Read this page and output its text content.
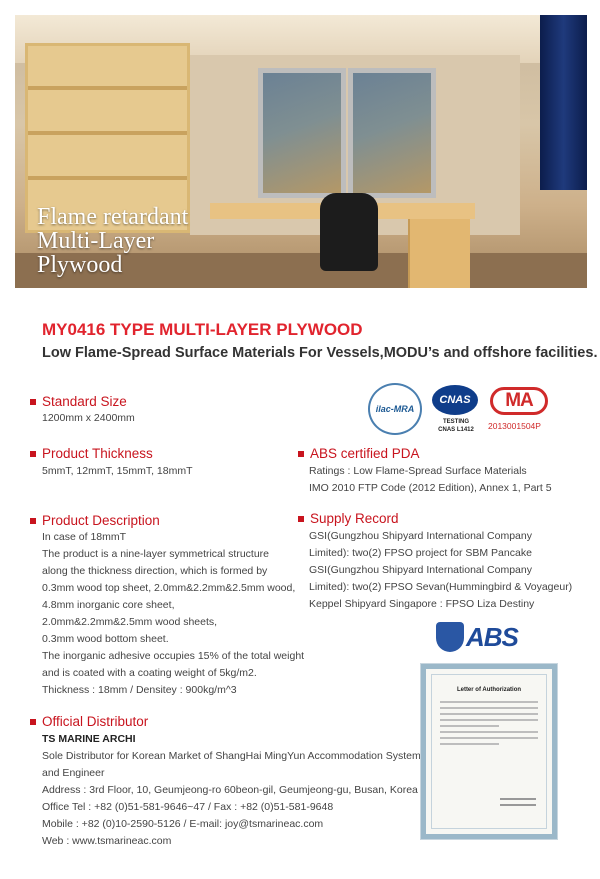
Flame retardant
Multi-Layer
Plywood
MY0416 TYPE MULTI-LAYER PLYWOOD
Low Flame-Spread Surface Materials For Vessels,MODU’s and offshore facilities.
Standard Size
1200mm x 2400mm
Product Thickness
5mmT, 12mmT, 15mmT, 18mmT
Product Description
In case of 18mmT
The product is a nine-layer symmetrical structure
along the thickness direction, which is formed by
0.3mm wood top sheet, 2.0mm&2.2mm&2.5mm wood,
4.8mm inorganic core sheet,
2.0mm&2.2mm&2.5mm wood sheets,
0.3mm wood bottom sheet.
The inorganic adhesive occupies 15% of the total weight
and is coated with a coating weight of 5kg/m2.
Thickness : 18mm / Densitey : 900kg/m^3
Official Distributor
TS MARINE ARCHI
Sole Distributor for Korean Market of ShangHai MingYun Accommodation System
and Engineer
Address : 3rd Floor, 10, Geumjeong-ro 60beon-gil, Geumjeong-gu, Busan, Korea
Office Tel : +82 (0)51-581-9646~47 / Fax : +82 (0)51-581-9648
Mobile : +82 (0)10-2590-5126 / E-mail: joy@tsmarineac.com
Web : www.tsmarineac.com
ilac-MRA
CNAS
TESTING
CNAS L1412
MA
2013001504P
ABS certified PDA
Ratings : Low Flame-Spread Surface Materials
IMO 2010 FTP Code (2012 Edition), Annex 1, Part 5
Supply Record
GSI(Gungzhou Shipyard International Company
Limited): two(2) FPSO project for SBM Pancake
GSI(Gungzhou Shipyard International Company
Limited): two(2) FPSO Sevan(Hummingbird & Voyageur)
Keppel Shipyard Singapore : FPSO Liza Destiny
ABS
Letter of Authorization
